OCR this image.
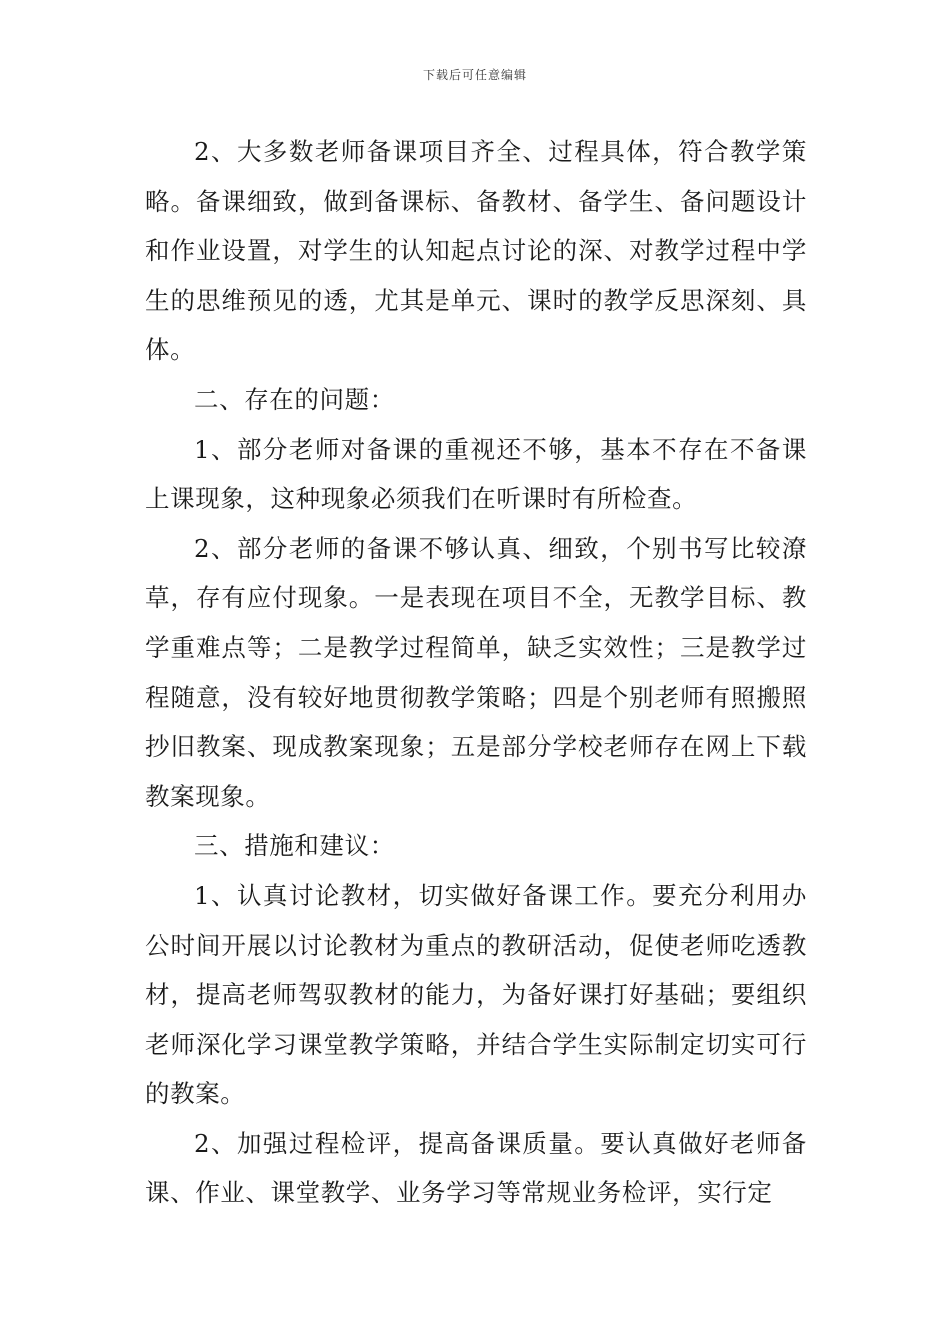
下载后可任意编辑

2、大多数老师备课项目齐全、过程具体，符合教学策略。备课细致，做到备课标、备教材、备学生、备问题设计和作业设置，对学生的认知起点讨论的深、对教学过程中学生的思维预见的透，尤其是单元、课时的教学反思深刻、具体。

二、存在的问题：

1、部分老师对备课的重视还不够，基本不存在不备课上课现象，这种现象必须我们在听课时有所检查。

2、部分老师的备课不够认真、细致，个别书写比较潦草，存有应付现象。一是表现在项目不全，无教学目标、教学重难点等；二是教学过程简单，缺乏实效性；三是教学过程随意，没有较好地贯彻教学策略；四是个别老师有照搬照抄旧教案、现成教案现象；五是部分学校老师存在网上下载教案现象。

三、措施和建议：

1、认真讨论教材，切实做好备课工作。要充分利用办公时间开展以讨论教材为重点的教研活动，促使老师吃透教材，提高老师驾驭教材的能力，为备好课打好基础；要组织老师深化学习课堂教学策略，并结合学生实际制定切实可行的教案。

2、加强过程检评，提高备课质量。要认真做好老师备课、作业、课堂教学、业务学习等常规业务检评，实行定
